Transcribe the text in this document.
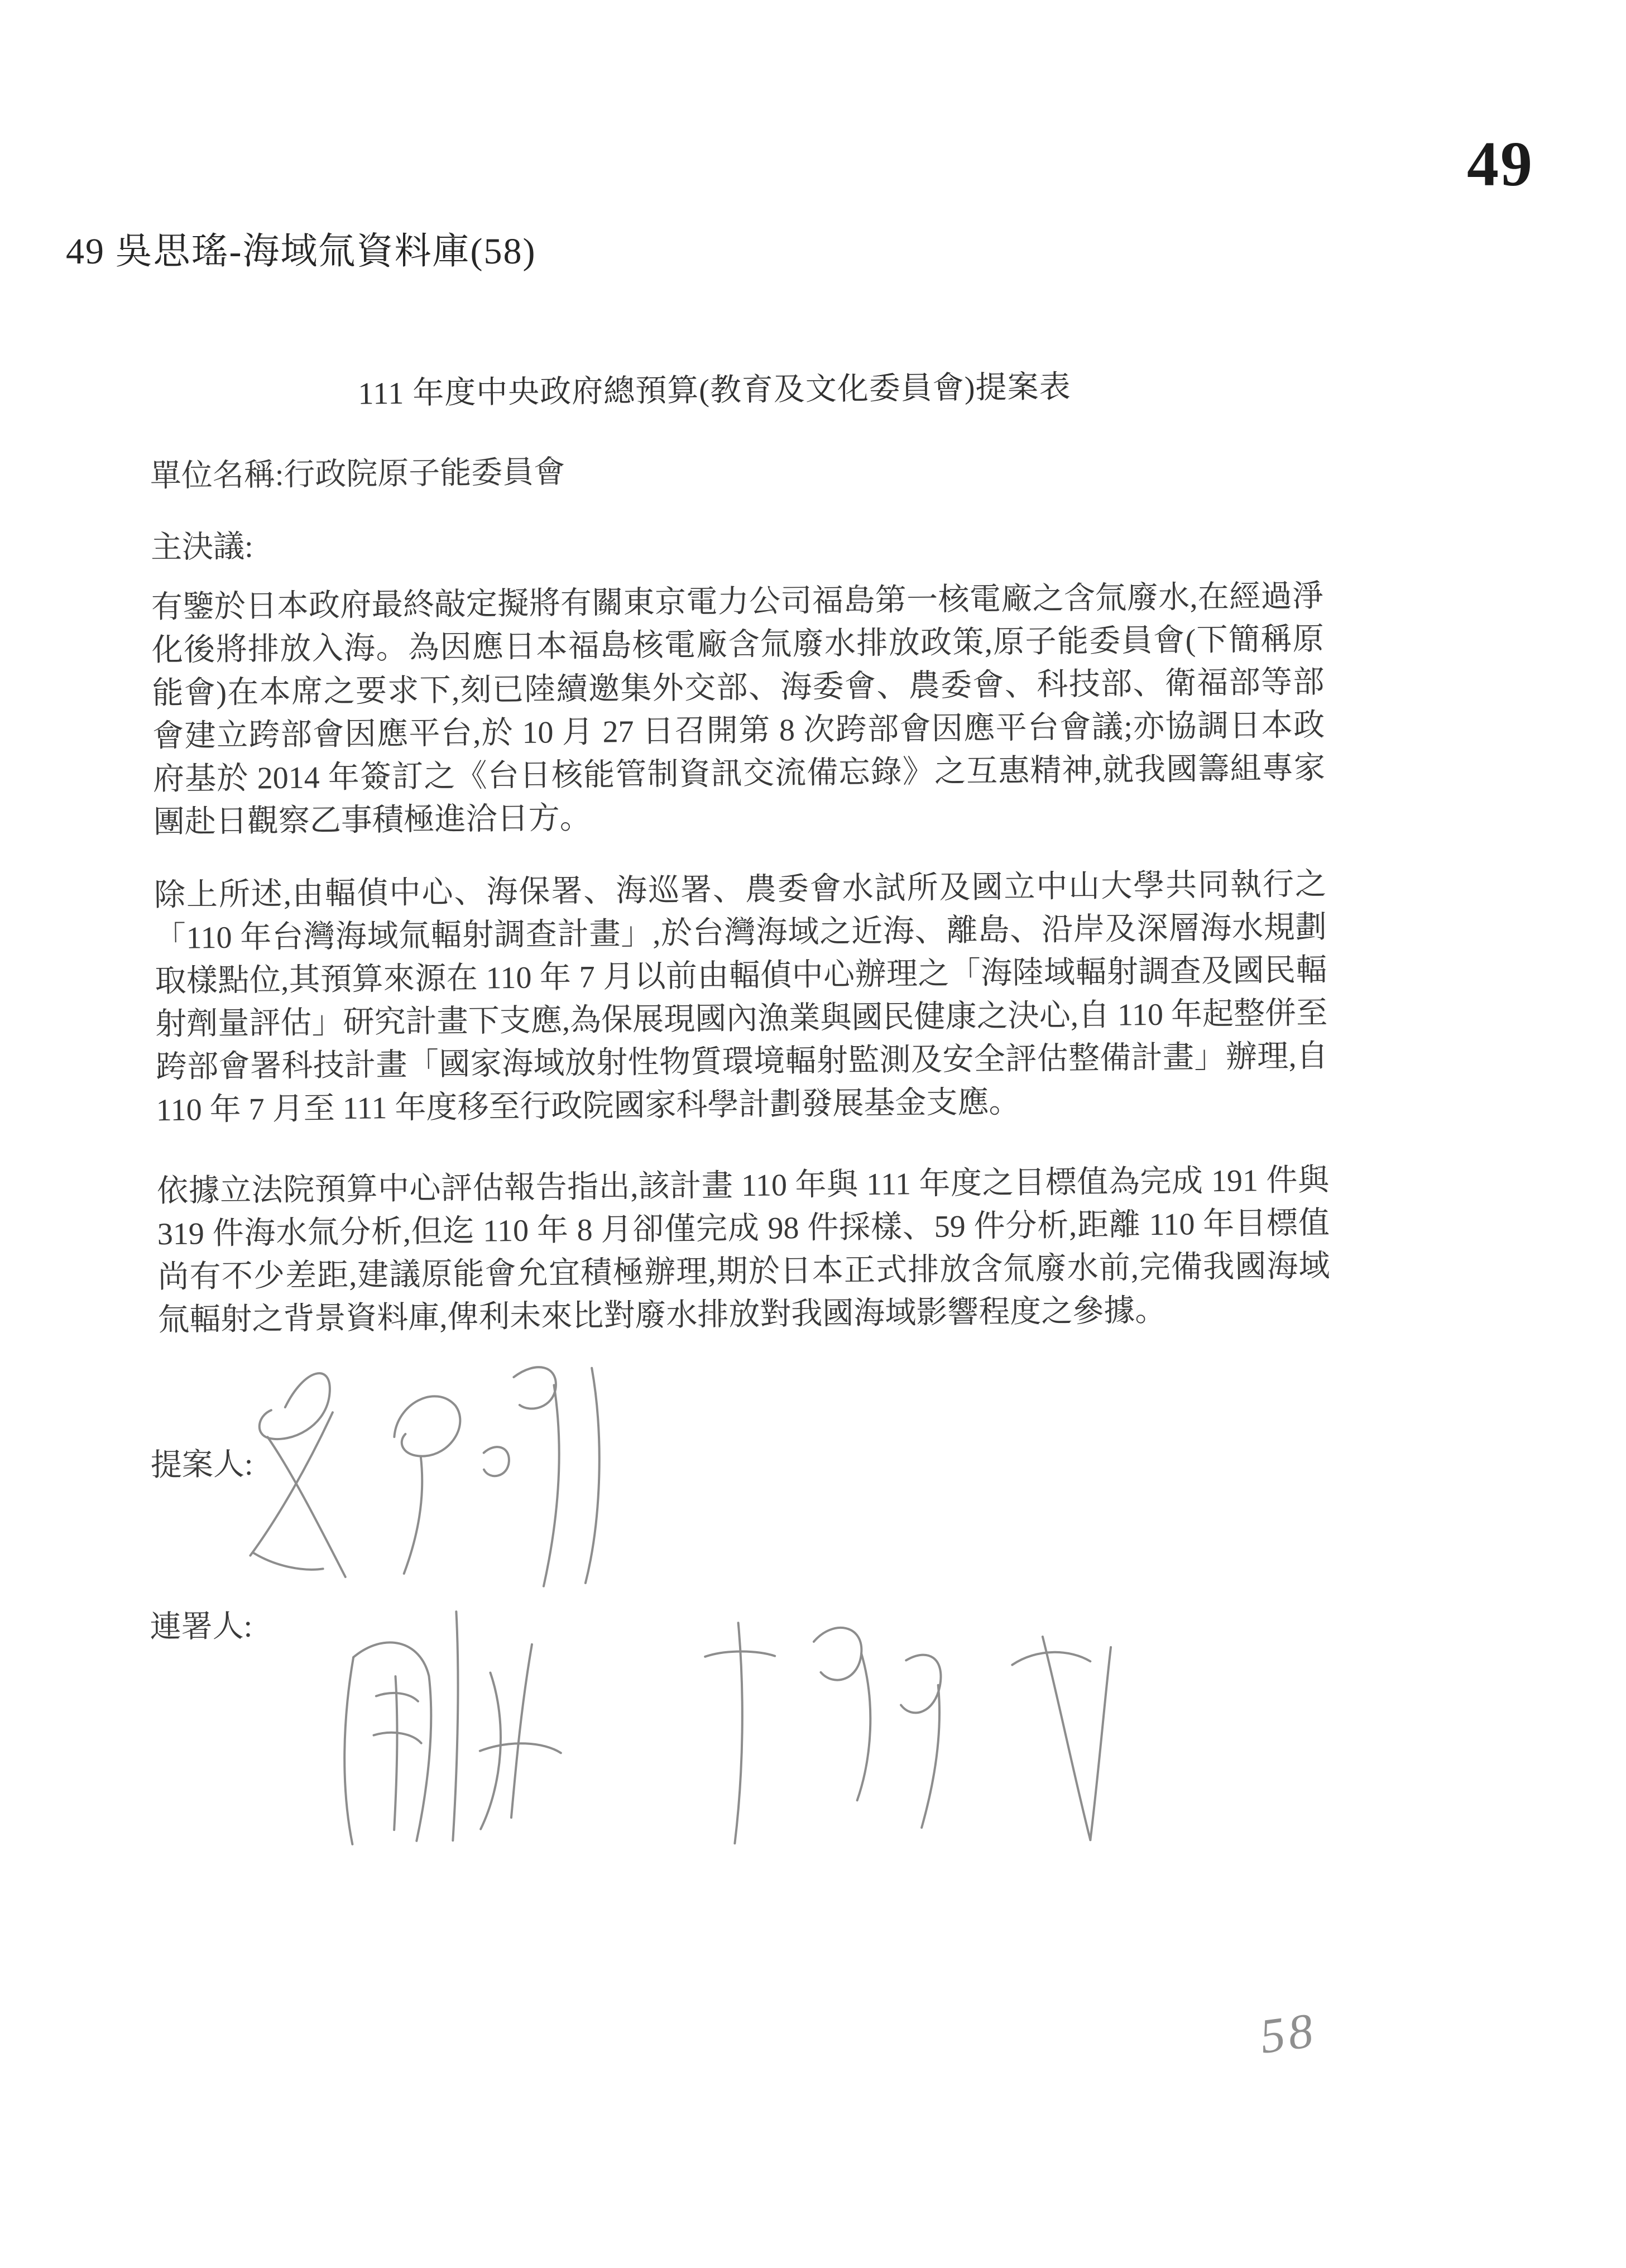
49
49 吳思瑤-海域氚資料庫(58)
111 年度中央政府總預算(教育及文化委員會)提案表
單位名稱:行政院原子能委員會
主決議:
有鑒於日本政府最終敲定擬將有關東京電力公司福島第一核電廠之含氚廢水,在經過淨化後將排放入海。為因應日本福島核電廠含氚廢水排放政策,原子能委員會(下簡稱原能會)在本席之要求下,刻已陸續邀集外交部、海委會、農委會、科技部、衛福部等部會建立跨部會因應平台,於 10 月 27 日召開第 8 次跨部會因應平台會議;亦協調日本政府基於 2014 年簽訂之《台日核能管制資訊交流備忘錄》之互惠精神,就我國籌組專家團赴日觀察乙事積極進洽日方。
除上所述,由輻偵中心、海保署、海巡署、農委會水試所及國立中山大學共同執行之「110 年台灣海域氚輻射調查計畫」,於台灣海域之近海、離島、沿岸及深層海水規劃取樣點位,其預算來源在 110 年 7 月以前由輻偵中心辦理之「海陸域輻射調查及國民輻射劑量評估」研究計畫下支應,為保展現國內漁業與國民健康之決心,自 110 年起整併至跨部會署科技計畫「國家海域放射性物質環境輻射監測及安全評估整備計畫」辦理,自 110 年 7 月至 111 年度移至行政院國家科學計劃發展基金支應。
依據立法院預算中心評估報告指出,該計畫 110 年與 111 年度之目標值為完成 191 件與 319 件海水氚分析,但迄 110 年 8 月卻僅完成 98 件採樣、59 件分析,距離 110 年目標值尚有不少差距,建議原能會允宜積極辦理,期於日本正式排放含氚廢水前,完備我國海域氚輻射之背景資料庫,俾利未來比對廢水排放對我國海域影響程度之參據。
提案人:
連署人:
58
